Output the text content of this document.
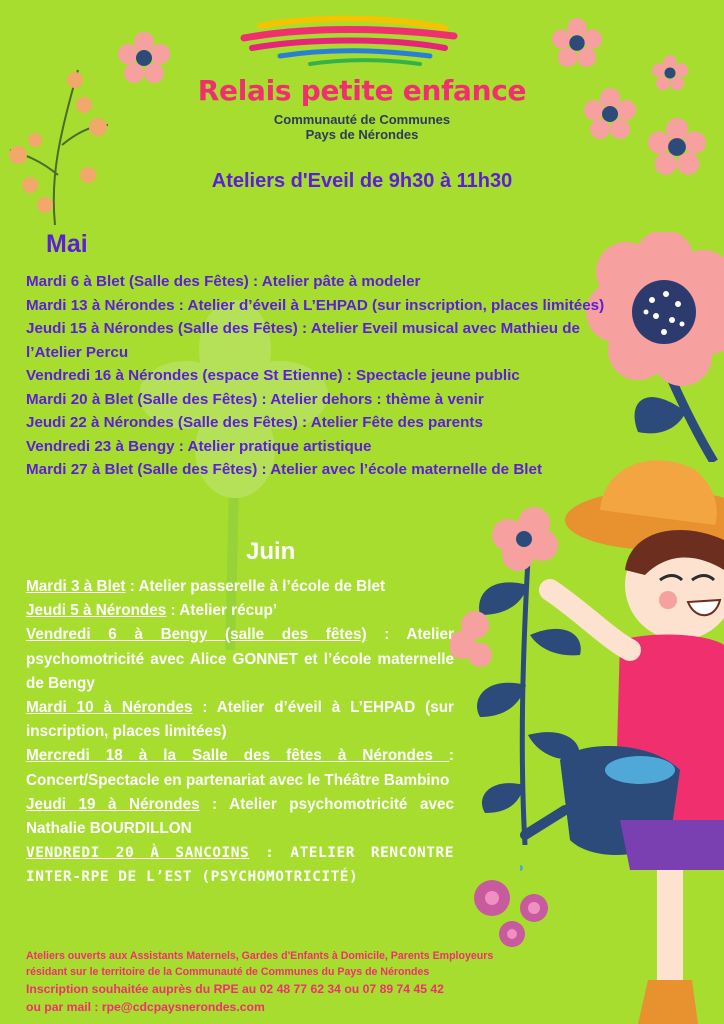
Relais petite enfance
Communauté de Communes
Pays de Nérondes
Ateliers d'Eveil de 9h30 à 11h30
Mai
Mardi 6 à Blet (Salle des Fêtes) : Atelier pâte à modeler
Mardi 13 à Nérondes : Atelier d’éveil à L’EHPAD (sur inscription, places limitées)
Jeudi 15 à Nérondes (Salle des Fêtes) : Atelier Eveil musical avec Mathieu de l’Atelier Percu
Vendredi 16 à Nérondes (espace St Etienne) : Spectacle jeune public
Mardi 20 à Blet (Salle des Fêtes) : Atelier dehors : thème à venir
Jeudi 22 à Nérondes (Salle des Fêtes) : Atelier Fête des parents
Vendredi 23 à Bengy : Atelier pratique artistique
Mardi 27 à Blet (Salle des Fêtes) : Atelier avec l’école maternelle de Blet
Juin
Mardi 3 à Blet : Atelier passerelle à l’école de Blet
Jeudi 5 à Nérondes : Atelier récup’
Vendredi 6 à Bengy (salle des fêtes) : Atelier psychomotricité avec Alice GONNET et l’école maternelle de Bengy
Mardi 10 à Nérondes : Atelier d’éveil à L’EHPAD (sur inscription, places limitées)
Mercredi 18 à la Salle des fêtes à Nérondes : Concert/Spectacle en partenariat avec le Théâtre Bambino
Jeudi 19 à Nérondes : Atelier psychomotricité avec Nathalie BOURDILLON
VENDREDI 20 À SANCOINS : ATELIER RENCONTRE INTER-RPE DE L’EST (PSYCHOMOTRICITÉ)
Ateliers ouverts aux Assistants Maternels, Gardes d'Enfants à Domicile, Parents Employeurs
résidant sur le territoire de la Communauté de Communes du Pays de Nérondes
Inscription souhaitée auprès du RPE au 02 48 77 62 34 ou 07 89 74 45 42
ou par mail : rpe@cdcpaysnerondes.com
